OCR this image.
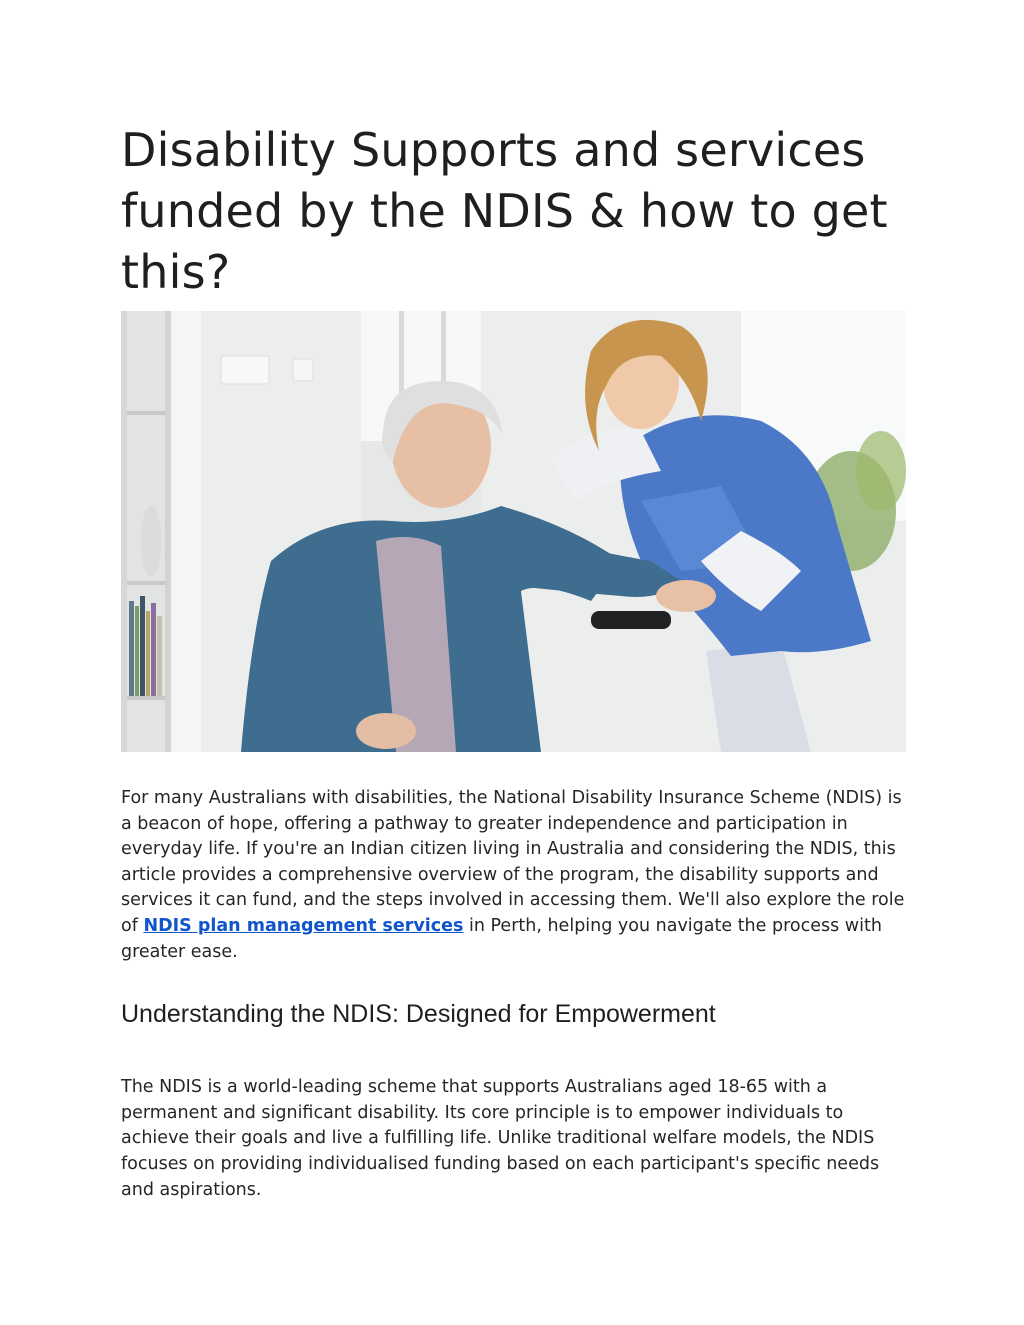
Disability Supports and services funded by the NDIS & how to get this?

For many Australians with disabilities, the National Disability Insurance Scheme (NDIS) is a beacon of hope, offering a pathway to greater independence and participation in everyday life. If you're an Indian citizen living in Australia and considering the NDIS, this article provides a comprehensive overview of the program, the disability supports and services it can fund, and the steps involved in accessing them. We'll also explore the role of NDIS plan management services in Perth, helping you navigate the process with greater ease.

Understanding the NDIS: Designed for Empowerment

The NDIS is a world-leading scheme that supports Australians aged 18-65 with a permanent and significant disability. Its core principle is to empower individuals to achieve their goals and live a fulfilling life. Unlike traditional welfare models, the NDIS focuses on providing individualised funding based on each participant's specific needs and aspirations.
